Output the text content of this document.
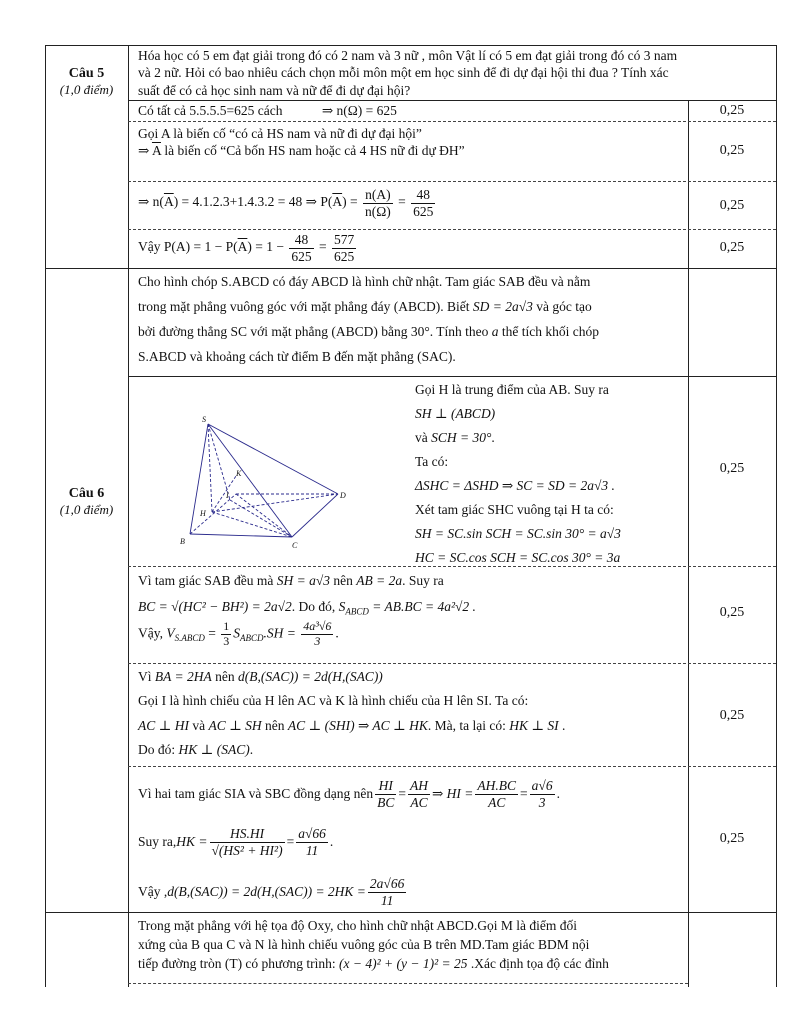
Câu 5
(1,0 điểm)
Hóa học có 5 em đạt giải trong đó có 2 nam và 3 nữ , môn Vật lí có 5 em đạt giải trong đó có 3 nam và 2 nữ. Hỏi có bao nhiêu cách chọn mỗi môn một em học sinh để đi dự đại hội thi đua ? Tính xác suất để có cả học sinh nam và nữ để đi dự đại hội?
Có tất cả 5.5.5.5=625 cách	⇒ n(Ω) = 625
Gọi A là biến cố “có cả HS nam và nữ đi dự đại hội”
⇒ $\overline{A}$ là biến cố “Cả bốn HS nam hoặc cả 4 HS nữ đi dự ĐH”
⇒ $n(\overline{A}) = 4.1.2.3+1.4.3.2 = 48$ ⇒ $P(\overline{A}) = \frac{n(A)}{n(\Omega)} = \frac{48}{625}$
Vậy $P(A) = 1 - P(\overline{A}) = 1 - \frac{48}{625} = \frac{577}{625}$
Câu 6
(1,0 điểm)
Cho hình chóp S.ABCD có đáy ABCD là hình chữ nhật. Tam giác SAB đều và nằm
trong mặt phẳng vuông góc với mặt phẳng đáy (ABCD). Biết SD = 2a√3 và góc tạo
bởi đường thẳng SC với mặt phẳng (ABCD) bằng 30°. Tính theo a thể tích khối chóp
S.ABCD và khoảng cách từ điểm B đến mặt phẳng (SAC).
S
K
I
H
D
B	C
Gọi H là trung điểm của AB. Suy ra
SH ⊥ (ABCD)
và SCH = 30°.
Ta có:
ΔSHC = ΔSHD ⇒ SC = SD = 2a√3 .
Xét tam giác SHC vuông tại H ta có:
SH = SC.sin SCH = SC.sin 30° = a√3
HC = SC.cos SCH = SC.cos 30° = 3a
Vì tam giác SAB đều mà SH = a√3 nên AB = 2a. Suy ra
BC = √(HC² − BH²) = 2a√2. Do đó, $S_{ABCD} = AB.BC = 4a^2√2$ .
Vậy, $V_{S.ABCD} = \frac{1}{3} S_{ABCD}.SH = \frac{\text{4a³√6}}{3}$ .
Vì BA = 2HA nên d(B,(SAC)) = 2d(H,(SAC))
Gọi I là hình chiếu của H lên AC và K là hình chiếu của H lên SI. Ta có:
AC ⊥ HI và AC ⊥ SH nên AC ⊥ (SHI) ⇒ AC ⊥ HK. Mà, ta lại có: HK ⊥ SI .
Do đó: HK ⊥ (SAC).
Vì hai tam giác SIA và SBC đồng dạng nên $\frac{HI}{BC} = \frac{AH}{AC}$ ⇒ HI = $\frac{AH.BC}{AC} = \frac{a√6}{3}$ .
Suy ra, HK = $\frac{HS.HI}{\text{√(HS² + HI²)}} = \frac{a√66}{11}$ .
Vậy , $d(B,(SAC)) = 2d(H,(SAC)) = 2HK = \frac{2a√66}{11}$
Trong mặt phẳng với hệ tọa độ Oxy, cho hình chữ nhật ABCD.Gọi M là điểm đối
xứng của B qua C và N là hình chiếu vuông góc của B trên MD.Tam giác BDM nội
tiếp đường tròn (T) có phương trình: (x − 4)² + (y − 1)² = 25 .Xác định tọa độ các đỉnh
0,25
0,25
0,25
0,25
0,25
0,25
0,25
0,25
